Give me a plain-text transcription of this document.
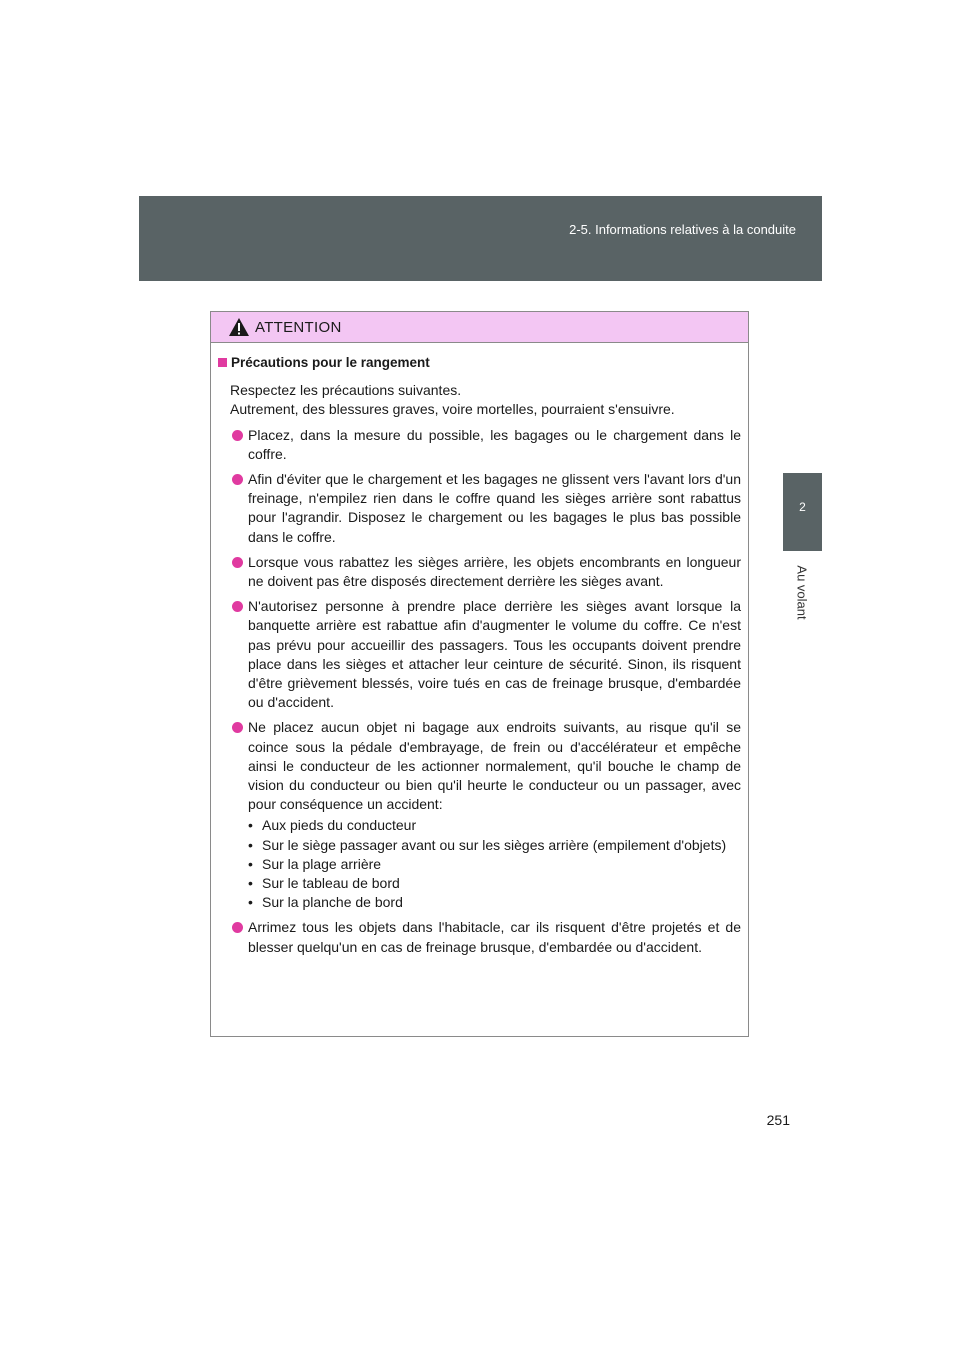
2-5. Informations relatives à la conduite
2
Au volant
ATTENTION
Précautions pour le rangement
Respectez les précautions suivantes.
Autrement, des blessures graves, voire mortelles, pourraient s'ensuivre.
Placez, dans la mesure du possible, les bagages ou le chargement dans le coffre.
Afin d'éviter que le chargement et les bagages ne glissent vers l'avant lors d'un freinage, n'empilez rien dans le coffre quand les sièges arrière sont rabattus pour l'agrandir. Disposez le chargement ou les bagages le plus bas possible dans le coffre.
Lorsque vous rabattez les sièges arrière, les objets encombrants en longueur ne doivent pas être disposés directement derrière les sièges avant.
N'autorisez personne à prendre place derrière les sièges avant lorsque la banquette arrière est rabattue afin d'augmenter le volume du coffre. Ce n'est pas prévu pour accueillir des passagers. Tous les occupants doivent prendre place dans les sièges et attacher leur ceinture de sécurité. Sinon, ils risquent d'être grièvement blessés, voire tués en cas de freinage brusque, d'embardée ou d'accident.
Ne placez aucun objet ni bagage aux endroits suivants, au risque qu'il se coince sous la pédale d'embrayage, de frein ou d'accélérateur et empêche ainsi le conducteur de les actionner normalement, qu'il bouche le champ de vision du conducteur ou bien qu'il heurte le conducteur ou un passager, avec pour conséquence un accident:
• Aux pieds du conducteur
• Sur le siège passager avant ou sur les sièges arrière (empilement d'objets)
• Sur la plage arrière
• Sur le tableau de bord
• Sur la planche de bord
Arrimez tous les objets dans l'habitacle, car ils risquent d'être projetés et de blesser quelqu'un en cas de freinage brusque, d'embardée ou d'accident.
251
